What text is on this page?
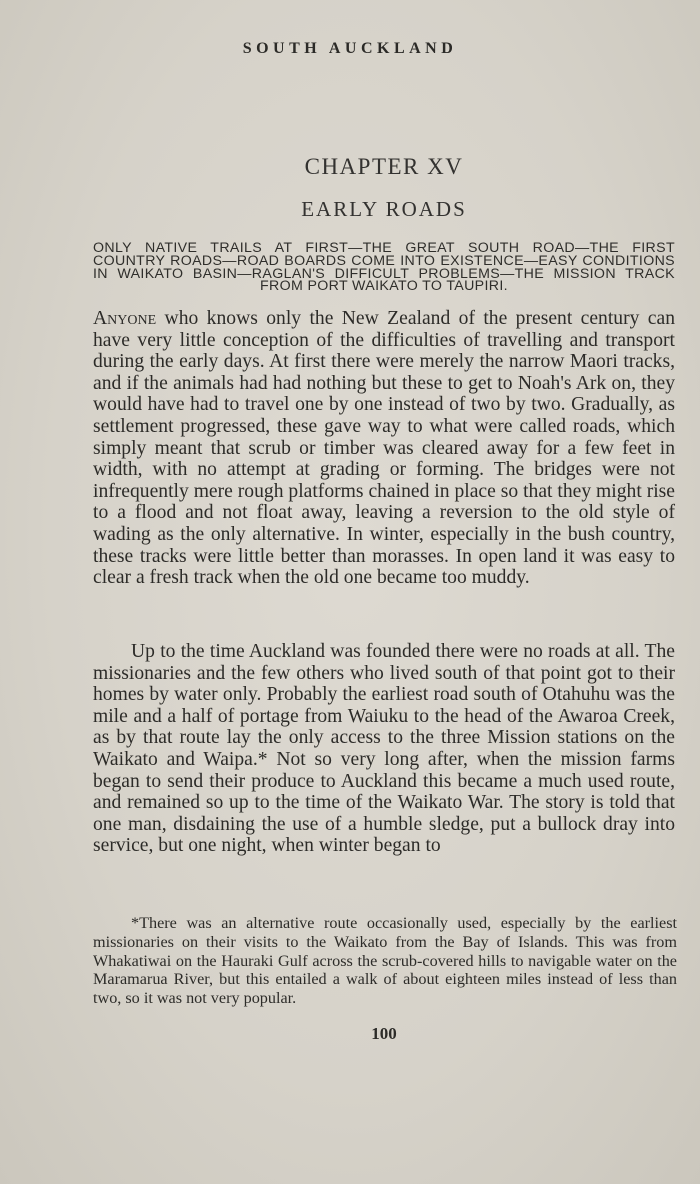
SOUTH AUCKLAND
CHAPTER XV
EARLY ROADS
ONLY NATIVE TRAILS AT FIRST—THE GREAT SOUTH ROAD—THE FIRST COUNTRY ROADS—ROAD BOARDS COME INTO EXISTENCE—EASY CONDITIONS IN WAIKATO BASIN—RAGLAN'S DIFFICULT PROBLEMS—THE MISSION TRACK FROM PORT WAIKATO TO TAUPIRI.

Anyone who knows only the New Zealand of the present century can have very little conception of the difficulties of travelling and transport during the early days. At first there were merely the narrow Maori tracks, and if the animals had had nothing but these to get to Noah's Ark on, they would have had to travel one by one instead of two by two. Gradually, as settlement progressed, these gave way to what were called roads, which simply meant that scrub or timber was cleared away for a few feet in width, with no attempt at grading or forming. The bridges were not infrequently mere rough platforms chained in place so that they might rise to a flood and not float away, leaving a reversion to the old style of wading as the only alternative. In winter, especially in the bush country, these tracks were little better than morasses. In open land it was easy to clear a fresh track when the old one became too muddy.

Up to the time Auckland was founded there were no roads at all. The missionaries and the few others who lived south of that point got to their homes by water only. Probably the earliest road south of Otahuhu was the mile and a half of portage from Waiuku to the head of the Awaroa Creek, as by that route lay the only access to the three Mission stations on the Waikato and Waipa.* Not so very long after, when the mission farms began to send their produce to Auckland this became a much used route, and remained so up to the time of the Waikato War. The story is told that one man, disdaining the use of a humble sledge, put a bullock dray into service, but one night, when winter began to

*There was an alternative route occasionally used, especially by the earliest missionaries on their visits to the Waikato from the Bay of Islands. This was from Whakatiwai on the Hauraki Gulf across the scrub-covered hills to navigable water on the Maramarua River, but this entailed a walk of about eighteen miles instead of less than two, so it was not very popular.

100
